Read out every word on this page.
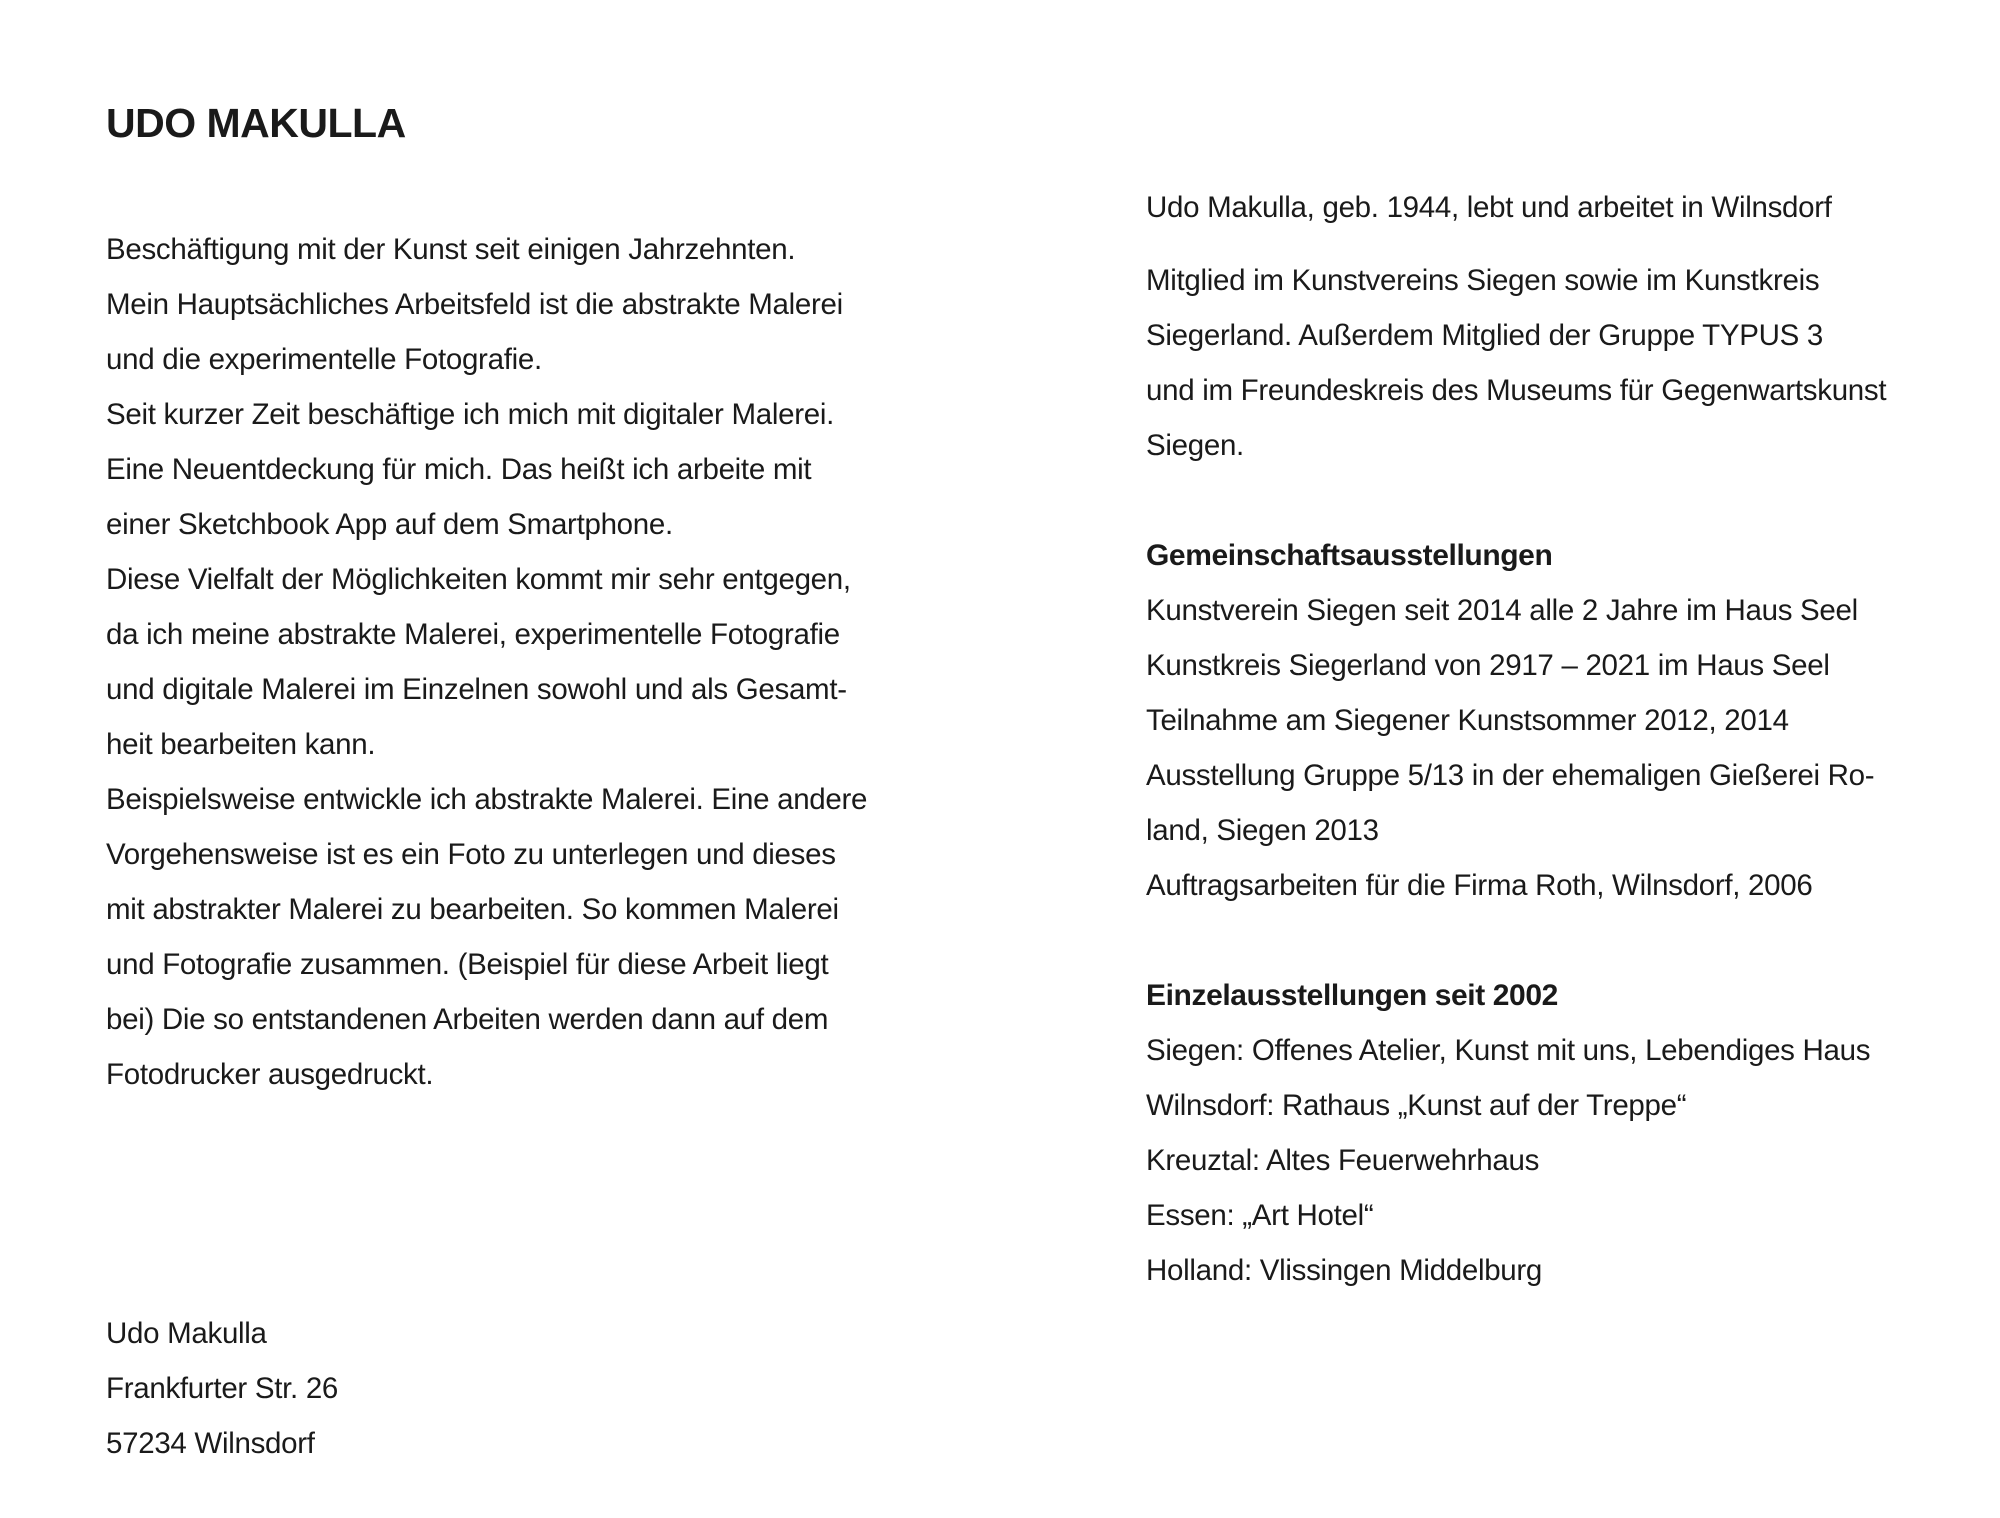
UDO MAKULLA
Beschäftigung mit der Kunst seit einigen Jahrzehnten.
Mein Hauptsächliches Arbeitsfeld ist die abstrakte Malerei
und die experimentelle Fotografie.
Seit kurzer Zeit beschäftige ich mich mit digitaler Malerei.
Eine Neuentdeckung für mich. Das heißt ich arbeite mit
einer Sketchbook App auf dem Smartphone.
Diese Vielfalt der Möglichkeiten kommt mir sehr entgegen,
da ich meine abstrakte Malerei, experimentelle Fotografie
und digitale Malerei im Einzelnen sowohl und als Gesamt-
heit bearbeiten kann.
Beispielsweise entwickle ich abstrakte Malerei. Eine andere
Vorgehensweise ist es ein Foto zu unterlegen und dieses
mit abstrakter Malerei zu bearbeiten. So kommen Malerei
und Fotografie zusammen. (Beispiel für diese Arbeit liegt
bei) Die so entstandenen Arbeiten werden dann auf dem
Fotodrucker ausgedruckt.
Udo Makulla
Frankfurter Str. 26
57234 Wilnsdorf
Udo Makulla, geb. 1944, lebt und arbeitet in Wilnsdorf
Mitglied im Kunstvereins Siegen sowie im Kunstkreis
Siegerland. Außerdem Mitglied der Gruppe TYPUS 3
und im Freundeskreis des Museums für Gegenwartskunst
Siegen.
Gemeinschaftsausstellungen
Kunstverein Siegen seit 2014 alle 2 Jahre im Haus Seel
Kunstkreis Siegerland von 2917 – 2021 im Haus Seel
Teilnahme am Siegener Kunstsommer 2012, 2014
Ausstellung Gruppe 5/13 in der ehemaligen Gießerei Ro-
land, Siegen 2013
Auftragsarbeiten für die Firma Roth, Wilnsdorf, 2006
Einzelausstellungen seit 2002
Siegen: Offenes Atelier, Kunst mit uns, Lebendiges Haus
Wilnsdorf: Rathaus „Kunst auf der Treppe“
Kreuztal: Altes Feuerwehrhaus
Essen: „Art Hotel“
Holland: Vlissingen Middelburg
